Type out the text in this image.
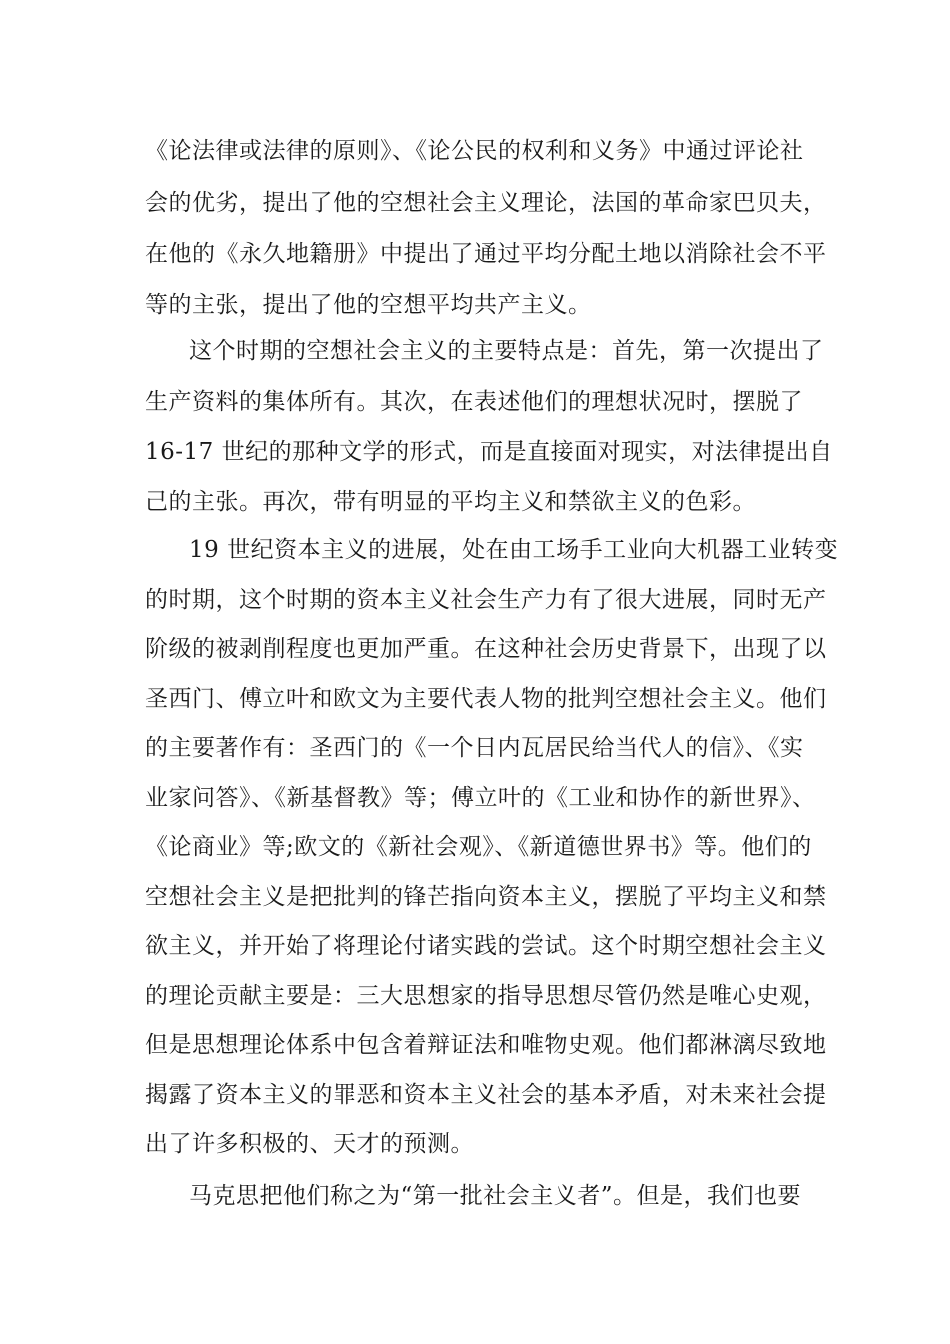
《论法律或法律的原则》、《论公民的权利和义务》中通过评论社
会的优劣，提出了他的空想社会主义理论，法国的革命家巴贝夫，
在他的《永久地籍册》中提出了通过平均分配土地以消除社会不平
等的主张，提出了他的空想平均共产主义。
这个时期的空想社会主义的主要特点是：首先，第一次提出了
生产资料的集体所有。其次，在表述他们的理想状况时，摆脱了
16-17 世纪的那种文学的形式，而是直接面对现实，对法律提出自
己的主张。再次，带有明显的平均主义和禁欲主义的色彩。
19 世纪资本主义的进展，处在由工场手工业向大机器工业转变
的时期，这个时期的资本主义社会生产力有了很大进展，同时无产
阶级的被剥削程度也更加严重。在这种社会历史背景下，出现了以
圣西门、傅立叶和欧文为主要代表人物的批判空想社会主义。他们
的主要著作有：圣西门的《一个日内瓦居民给当代人的信》、《实
业家问答》、《新基督教》等；傅立叶的《工业和协作的新世界》、
《论商业》等;欧文的《新社会观》、《新道德世界书》等。他们的
空想社会主义是把批判的锋芒指向资本主义，摆脱了平均主义和禁
欲主义，并开始了将理论付诸实践的尝试。这个时期空想社会主义
的理论贡献主要是：三大思想家的指导思想尽管仍然是唯心史观，
但是思想理论体系中包含着辩证法和唯物史观。他们都淋漓尽致地
揭露了资本主义的罪恶和资本主义社会的基本矛盾，对未来社会提
出了许多积极的、天才的预测。
马克思把他们称之为“第一批社会主义者”。但是，我们也要
